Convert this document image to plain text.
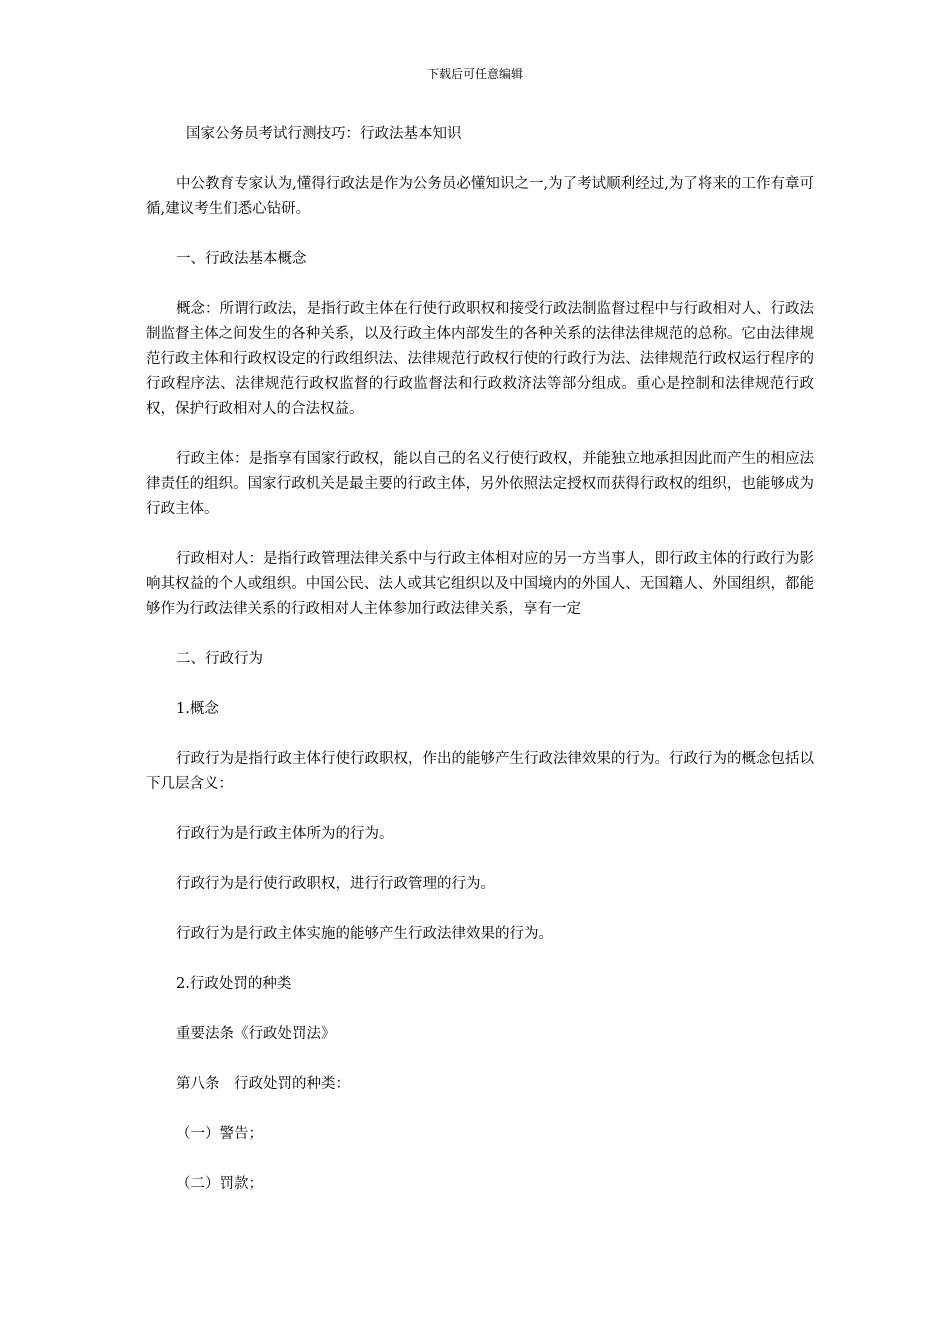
下载后可任意编辑

国家公务员考试行测技巧：行政法基本知识

中公教育专家认为,懂得行政法是作为公务员必懂知识之一,为了考试顺利经过,为了将来的工作有章可循,建议考生们悉心钻研。

一、行政法基本概念

概念：所谓行政法，是指行政主体在行使行政职权和接受行政法制监督过程中与行政相对人、行政法制监督主体之间发生的各种关系，以及行政主体内部发生的各种关系的法律法律规范的总称。它由法律规范行政主体和行政权设定的行政组织法、法律规范行政权行使的行政行为法、法律规范行政权运行程序的行政程序法、法律规范行政权监督的行政监督法和行政救济法等部分组成。重心是控制和法律规范行政权，保护行政相对人的合法权益。

行政主体：是指享有国家行政权，能以自己的名义行使行政权，并能独立地承担因此而产生的相应法律责任的组织。国家行政机关是最主要的行政主体，另外依照法定授权而获得行政权的组织，也能够成为行政主体。

行政相对人：是指行政管理法律关系中与行政主体相对应的另一方当事人，即行政主体的行政行为影响其权益的个人或组织。中国公民、法人或其它组织以及中国境内的外国人、无国籍人、外国组织，都能够作为行政法律关系的行政相对人主体参加行政法律关系，享有一定

二、行政行为

1.概念

行政行为是指行政主体行使行政职权，作出的能够产生行政法律效果的行为。行政行为的概念包括以下几层含义：

行政行为是行政主体所为的行为。

行政行为是行使行政职权，进行行政管理的行为。

行政行为是行政主体实施的能够产生行政法律效果的行为。

2.行政处罚的种类

重要法条《行政处罚法》

第八条　行政处罚的种类：

（一）警告；

（二）罚款；
